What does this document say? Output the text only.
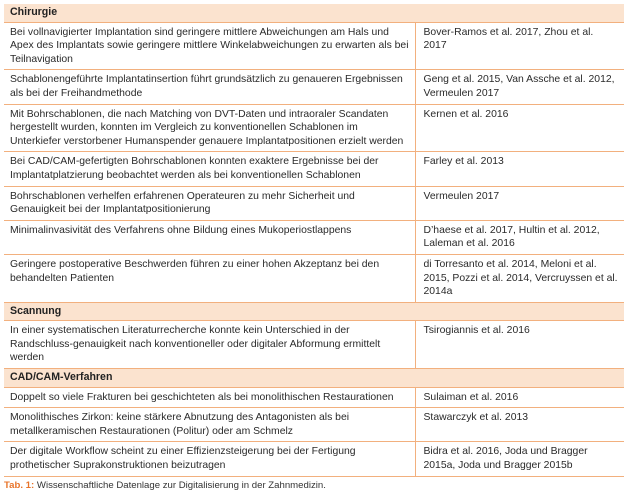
Chirurgie	
Bei vollnavigierter Implantation sind geringere mittlere Abweichungen am Hals und Apex des Implantats sowie geringere mittlere Winkelabweichungen zu erwarten als bei Teilnavigation	Bover-Ramos et al. 2017, Zhou et al. 2017
Schablonengeführte Implantatinsertion führt grundsätzlich zu genaueren Ergebnissen als bei der Freihandmethode	Geng et al. 2015, Van Assche et al. 2012, Vermeulen 2017
Mit Bohrschablonen, die nach Matching von DVT-Daten und intraoraler Scandaten hergestellt wurden, konnten im Vergleich zu konventionellen Schablonen im Unterkiefer verstorbener Humanspender genauere Implantatpositionen erzielt werden	Kernen et al. 2016
Bei CAD/CAM-gefertigten Bohrschablonen konnten exaktere Ergebnisse bei der Implantatplatzierung beobachtet werden als bei konventionellen Schablonen	Farley et al. 2013
Bohrschablonen verhelfen erfahrenen Operateuren zu mehr Sicherheit und Genauigkeit bei der Implantatpositionierung	Vermeulen 2017
Minimalinvasivität des Verfahrens ohne Bildung eines Mukoperiostlappens	D’haese et al. 2017, Hultin et al. 2012, Laleman et al. 2016
Geringere postoperative Beschwerden führen zu einer hohen Akzeptanz bei den behandelten Patienten	di Torresanto et al. 2014, Meloni et al. 2015, Pozzi et al. 2014, Vercruyssen et al. 2014a
Scannung	
In einer systematischen Literaturrecherche konnte kein Unterschied in der Randschluss-genauigkeit nach konventioneller oder digitaler Abformung ermittelt werden	Tsirogiannis et al. 2016
CAD/CAM-Verfahren	
Doppelt so viele Frakturen bei geschichteten als bei monolithischen Restaurationen	Sulaiman et al. 2016
Monolithisches Zirkon: keine stärkere Abnutzung des Antagonisten als bei metallkeramischen Restaurationen (Politur) oder am Schmelz	Stawarczyk et al. 2013
Der digitale Workflow scheint zu einer Effizienzsteigerung bei der Fertigung prothetischer Suprakonstruktionen beizutragen	Bidra et al. 2016, Joda und Bragger 2015a, Joda und Bragger 2015b
Tab. 1: Wissenschaftliche Datenlage zur Digitalisierung in der Zahnmedizin.
